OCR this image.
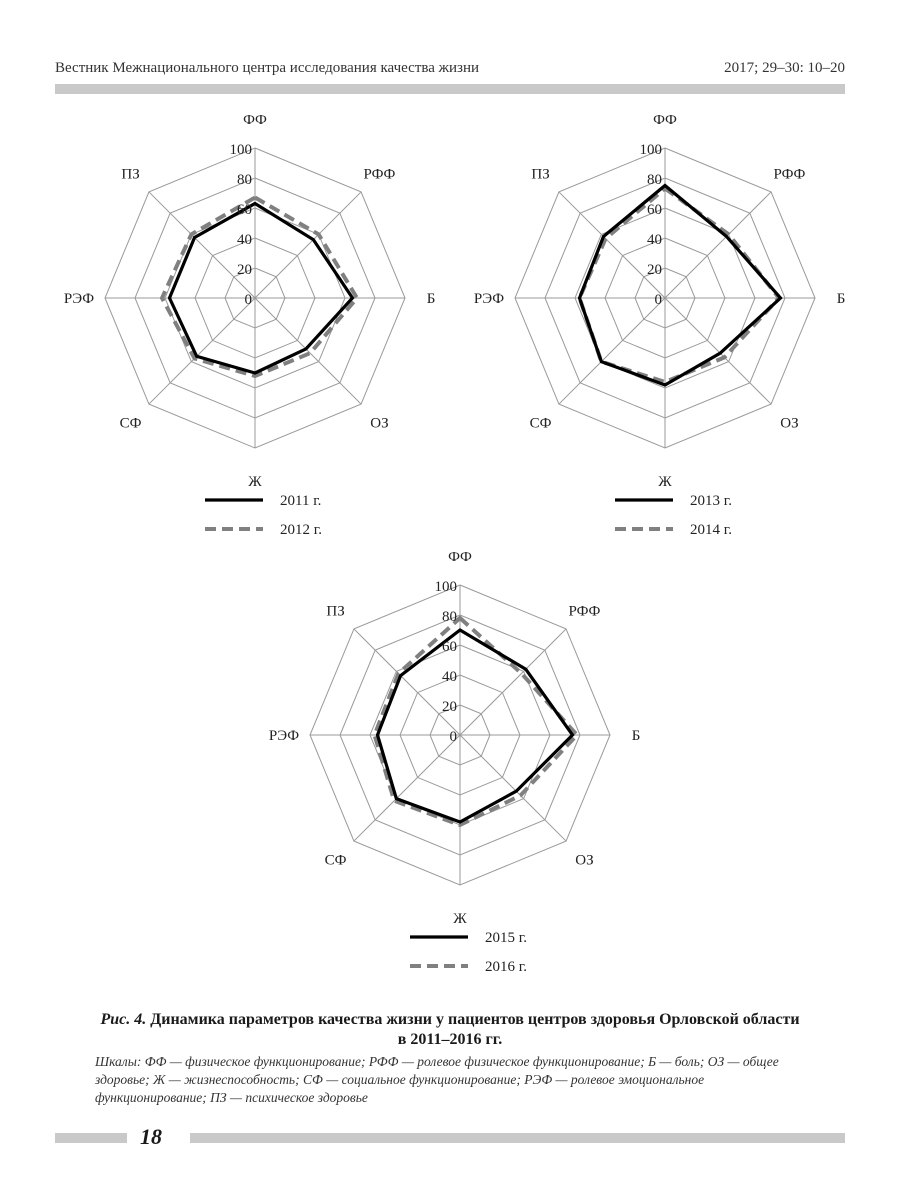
Вестник Межнационального центра исследования качества жизни	2017; 29–30: 10–20
0
20
40
60
80
100
ФФ
РФФ
Б
ОЗ
Ж
СФ
РЭФ
ПЗ
2011 г.
2012 г.
0
20
40
60
80
100
ФФ
РФФ
Б
ОЗ
Ж
СФ
РЭФ
ПЗ
2013 г.
2014 г.
0
20
40
60
80
100
ФФ
РФФ
Б
ОЗ
Ж
СФ
РЭФ
ПЗ
2015 г.
2016 г.
Рис. 4. Динамика параметров качества жизни у пациентов центров здоровья Орловской области в 2011–2016 гг.
Шкалы: ФФ — физическое функционирование; РФФ — ролевое физическое функционирование; Б — боль; ОЗ — общее здоровье; Ж — жизнеспособность; СФ — социальное функционирование; РЭФ — ролевое эмоциональное функционирование; ПЗ — психическое здоровье
18
